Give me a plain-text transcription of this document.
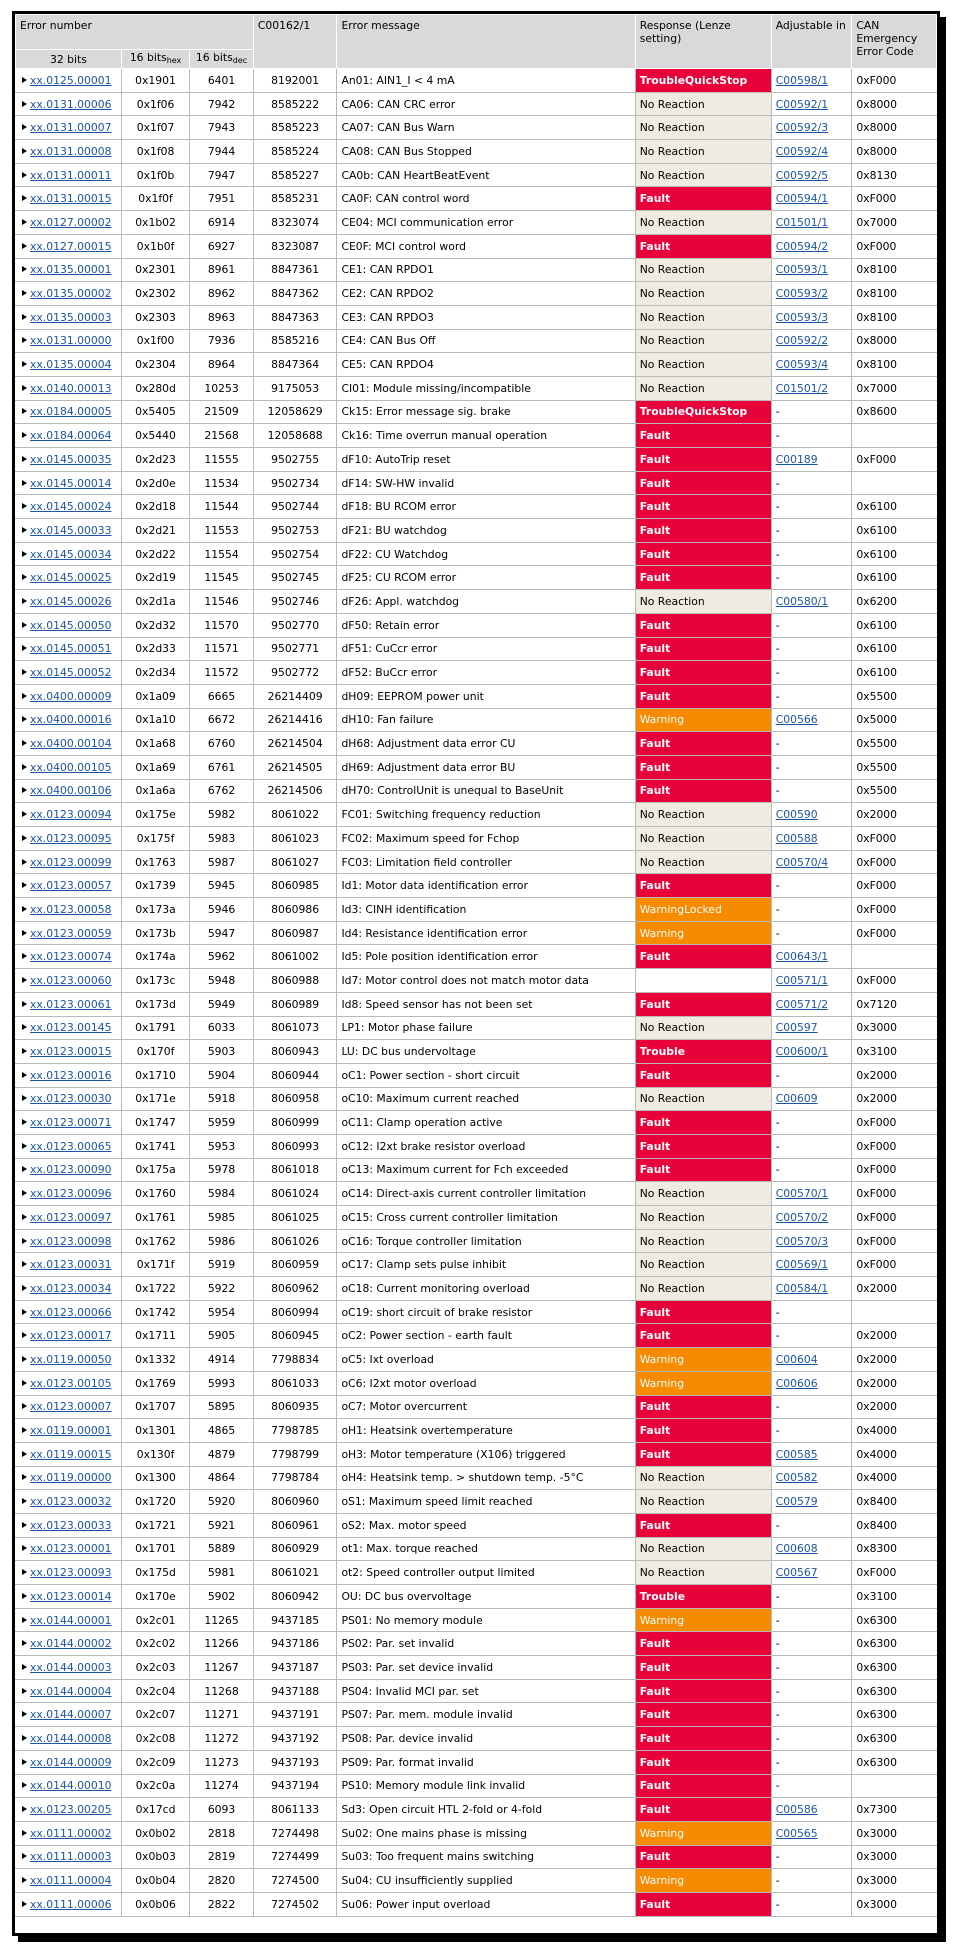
Error number			C00162/1	Error message	Response (Lenze setting)	Adjustable in	CAN Emergency Error Code
32 bits	16 bits$_{hex}$	16 bits$_{dec}$
xx.0125.00001	0x1901	6401	8192001	An01: AIN1_I < 4 mA	TroubleQuickStop	C00598/1	0xF000
xx.0131.00006	0x1f06	7942	8585222	CA06: CAN CRC error	No Reaction	C00592/1	0x8000
xx.0131.00007	0x1f07	7943	8585223	CA07: CAN Bus Warn	No Reaction	C00592/3	0x8000
xx.0131.00008	0x1f08	7944	8585224	CA08: CAN Bus Stopped	No Reaction	C00592/4	0x8000
xx.0131.00011	0x1f0b	7947	8585227	CA0b: CAN HeartBeatEvent	No Reaction	C00592/5	0x8130
xx.0131.00015	0x1f0f	7951	8585231	CA0F: CAN control word	Fault	C00594/1	0xF000
xx.0127.00002	0x1b02	6914	8323074	CE04: MCI communication error	No Reaction	C01501/1	0x7000
xx.0127.00015	0x1b0f	6927	8323087	CE0F: MCI control word	Fault	C00594/2	0xF000
xx.0135.00001	0x2301	8961	8847361	CE1: CAN RPDO1	No Reaction	C00593/1	0x8100
xx.0135.00002	0x2302	8962	8847362	CE2: CAN RPDO2	No Reaction	C00593/2	0x8100
xx.0135.00003	0x2303	8963	8847363	CE3: CAN RPDO3	No Reaction	C00593/3	0x8100
xx.0131.00000	0x1f00	7936	8585216	CE4: CAN Bus Off	No Reaction	C00592/2	0x8000
xx.0135.00004	0x2304	8964	8847364	CE5: CAN RPDO4	No Reaction	C00593/4	0x8100
xx.0140.00013	0x280d	10253	9175053	CI01: Module missing/incompatible	No Reaction	C01501/2	0x7000
xx.0184.00005	0x5405	21509	12058629	Ck15: Error message sig. brake	TroubleQuickStop	-	0x8600
xx.0184.00064	0x5440	21568	12058688	Ck16: Time overrun manual operation	Fault	-	
xx.0145.00035	0x2d23	11555	9502755	dF10: AutoTrip reset	Fault	C00189	0xF000
xx.0145.00014	0x2d0e	11534	9502734	dF14: SW-HW invalid	Fault	-	
xx.0145.00024	0x2d18	11544	9502744	dF18: BU RCOM error	Fault	-	0x6100
xx.0145.00033	0x2d21	11553	9502753	dF21: BU watchdog	Fault	-	0x6100
xx.0145.00034	0x2d22	11554	9502754	dF22: CU Watchdog	Fault	-	0x6100
xx.0145.00025	0x2d19	11545	9502745	dF25: CU RCOM error	Fault	-	0x6100
xx.0145.00026	0x2d1a	11546	9502746	dF26: Appl. watchdog	No Reaction	C00580/1	0x6200
xx.0145.00050	0x2d32	11570	9502770	dF50: Retain error	Fault	-	0x6100
xx.0145.00051	0x2d33	11571	9502771	dF51: CuCcr error	Fault	-	0x6100
xx.0145.00052	0x2d34	11572	9502772	dF52: BuCcr error	Fault	-	0x6100
xx.0400.00009	0x1a09	6665	26214409	dH09: EEPROM power unit	Fault	-	0x5500
xx.0400.00016	0x1a10	6672	26214416	dH10: Fan failure	Warning	C00566	0x5000
xx.0400.00104	0x1a68	6760	26214504	dH68: Adjustment data error CU	Fault	-	0x5500
xx.0400.00105	0x1a69	6761	26214505	dH69: Adjustment data error BU	Fault	-	0x5500
xx.0400.00106	0x1a6a	6762	26214506	dH70: ControlUnit is unequal to BaseUnit	Fault	-	0x5500
xx.0123.00094	0x175e	5982	8061022	FC01: Switching frequency reduction	No Reaction	C00590	0x2000
xx.0123.00095	0x175f	5983	8061023	FC02: Maximum speed for Fchop	No Reaction	C00588	0xF000
xx.0123.00099	0x1763	5987	8061027	FC03: Limitation field controller	No Reaction	C00570/4	0xF000
xx.0123.00057	0x1739	5945	8060985	Id1: Motor data identification error	Fault	-	0xF000
xx.0123.00058	0x173a	5946	8060986	Id3: CINH identification	WarningLocked	-	0xF000
xx.0123.00059	0x173b	5947	8060987	Id4: Resistance identification error	Warning	-	0xF000
xx.0123.00074	0x174a	5962	8061002	Id5: Pole position identification error	Fault	C00643/1	
xx.0123.00060	0x173c	5948	8060988	Id7: Motor control does not match motor data		C00571/1	0xF000
xx.0123.00061	0x173d	5949	8060989	Id8: Speed sensor has not been set	Fault	C00571/2	0x7120
xx.0123.00145	0x1791	6033	8061073	LP1: Motor phase failure	No Reaction	C00597	0x3000
xx.0123.00015	0x170f	5903	8060943	LU: DC bus undervoltage	Trouble	C00600/1	0x3100
xx.0123.00016	0x1710	5904	8060944	oC1: Power section - short circuit	Fault	-	0x2000
xx.0123.00030	0x171e	5918	8060958	oC10: Maximum current reached	No Reaction	C00609	0x2000
xx.0123.00071	0x1747	5959	8060999	oC11: Clamp operation active	Fault	-	0xF000
xx.0123.00065	0x1741	5953	8060993	oC12: I2xt brake resistor overload	Fault	-	0xF000
xx.0123.00090	0x175a	5978	8061018	oC13: Maximum current for Fch exceeded	Fault	-	0xF000
xx.0123.00096	0x1760	5984	8061024	oC14: Direct-axis current controller limitation	No Reaction	C00570/1	0xF000
xx.0123.00097	0x1761	5985	8061025	oC15: Cross current controller limitation	No Reaction	C00570/2	0xF000
xx.0123.00098	0x1762	5986	8061026	oC16: Torque controller limitation	No Reaction	C00570/3	0xF000
xx.0123.00031	0x171f	5919	8060959	oC17: Clamp sets pulse inhibit	No Reaction	C00569/1	0xF000
xx.0123.00034	0x1722	5922	8060962	oC18: Current monitoring overload	No Reaction	C00584/1	0x2000
xx.0123.00066	0x1742	5954	8060994	oC19: short circuit of brake resistor	Fault	-	
xx.0123.00017	0x1711	5905	8060945	oC2: Power section - earth fault	Fault	-	0x2000
xx.0119.00050	0x1332	4914	7798834	oC5: Ixt overload	Warning	C00604	0x2000
xx.0123.00105	0x1769	5993	8061033	oC6: I2xt motor overload	Warning	C00606	0x2000
xx.0123.00007	0x1707	5895	8060935	oC7: Motor overcurrent	Fault	-	0x2000
xx.0119.00001	0x1301	4865	7798785	oH1: Heatsink overtemperature	Fault	-	0x4000
xx.0119.00015	0x130f	4879	7798799	oH3: Motor temperature (X106) triggered	Fault	C00585	0x4000
xx.0119.00000	0x1300	4864	7798784	oH4: Heatsink temp. > shutdown temp. -5°C	No Reaction	C00582	0x4000
xx.0123.00032	0x1720	5920	8060960	oS1: Maximum speed limit reached	No Reaction	C00579	0x8400
xx.0123.00033	0x1721	5921	8060961	oS2: Max. motor speed	Fault	-	0x8400
xx.0123.00001	0x1701	5889	8060929	ot1: Max. torque reached	No Reaction	C00608	0x8300
xx.0123.00093	0x175d	5981	8061021	ot2: Speed controller output limited	No Reaction	C00567	0xF000
xx.0123.00014	0x170e	5902	8060942	OU: DC bus overvoltage	Trouble	-	0x3100
xx.0144.00001	0x2c01	11265	9437185	PS01: No memory module	Warning	-	0x6300
xx.0144.00002	0x2c02	11266	9437186	PS02: Par. set invalid	Fault	-	0x6300
xx.0144.00003	0x2c03	11267	9437187	PS03: Par. set device invalid	Fault	-	0x6300
xx.0144.00004	0x2c04	11268	9437188	PS04: Invalid MCI par. set	Fault	-	0x6300
xx.0144.00007	0x2c07	11271	9437191	PS07: Par. mem. module invalid	Fault	-	0x6300
xx.0144.00008	0x2c08	11272	9437192	PS08: Par. device invalid	Fault	-	0x6300
xx.0144.00009	0x2c09	11273	9437193	PS09: Par. format invalid	Fault	-	0x6300
xx.0144.00010	0x2c0a	11274	9437194	PS10: Memory module link invalid	Fault	-	
xx.0123.00205	0x17cd	6093	8061133	Sd3: Open circuit HTL 2-fold or 4-fold	Fault	C00586	0x7300
xx.0111.00002	0x0b02	2818	7274498	Su02: One mains phase is missing	Warning	C00565	0x3000
xx.0111.00003	0x0b03	2819	7274499	Su03: Too frequent mains switching	Fault	-	0x3000
xx.0111.00004	0x0b04	2820	7274500	Su04: CU insufficiently supplied	Warning	-	0x3000
xx.0111.00006	0x0b06	2822	7274502	Su06: Power input overload	Fault	-	0x3000
